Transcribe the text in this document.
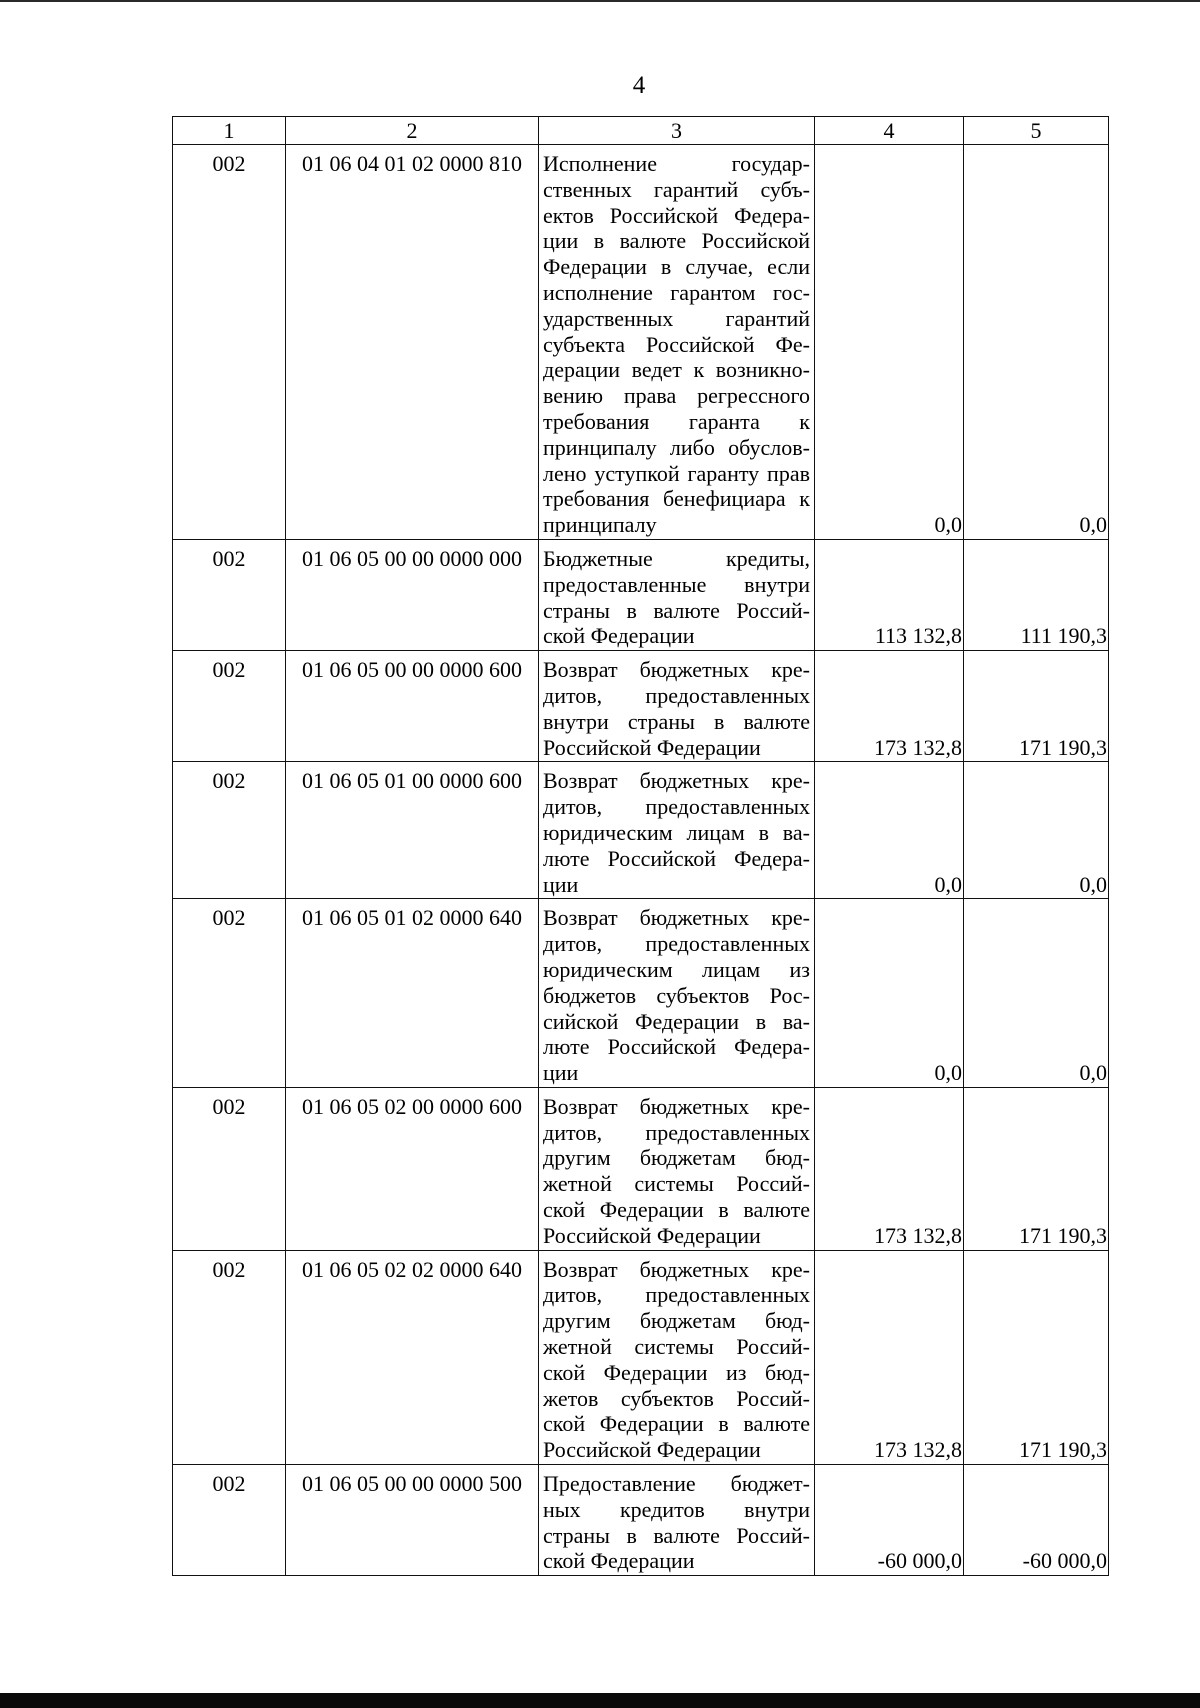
4
1	2	3	4	5
002	01 06 04 01 02 0000 810	Исполнение государственных гарантий субъектов Российской Федерации в валюте Российской Федерации в случае, если исполнение гарантом государственных гарантий субъекта Российской Федерации ведет к возникновению права регрессного требования гаранта к принципалу либо обусловлено уступкой гаранту прав требования бенефициара к принципалу	0,0	0,0
002	01 06 05 00 00 0000 000	Бюджетные кредиты, предоставленные внутри страны в валюте Российской Федерации	113 132,8	111 190,3
002	01 06 05 00 00 0000 600	Возврат бюджетных кредитов, предоставленных внутри страны в валюте Российской Федерации	173 132,8	171 190,3
002	01 06 05 01 00 0000 600	Возврат бюджетных кредитов, предоставленных юридическим лицам в валюте Российской Федерации	0,0	0,0
002	01 06 05 01 02 0000 640	Возврат бюджетных кредитов, предоставленных юридическим лицам из бюджетов субъектов Российской Федерации в валюте Российской Федерации	0,0	0,0
002	01 06 05 02 00 0000 600	Возврат бюджетных кредитов, предоставленных другим бюджетам бюджетной системы Российской Федерации в валюте Российской Федерации	173 132,8	171 190,3
002	01 06 05 02 02 0000 640	Возврат бюджетных кредитов, предоставленных другим бюджетам бюджетной системы Российской Федерации из бюджетов субъектов Российской Федерации в валюте Российской Федерации	173 132,8	171 190,3
002	01 06 05 00 00 0000 500	Предоставление бюджетных кредитов внутри страны в валюте Российской Федерации	-60 000,0	-60 000,0
